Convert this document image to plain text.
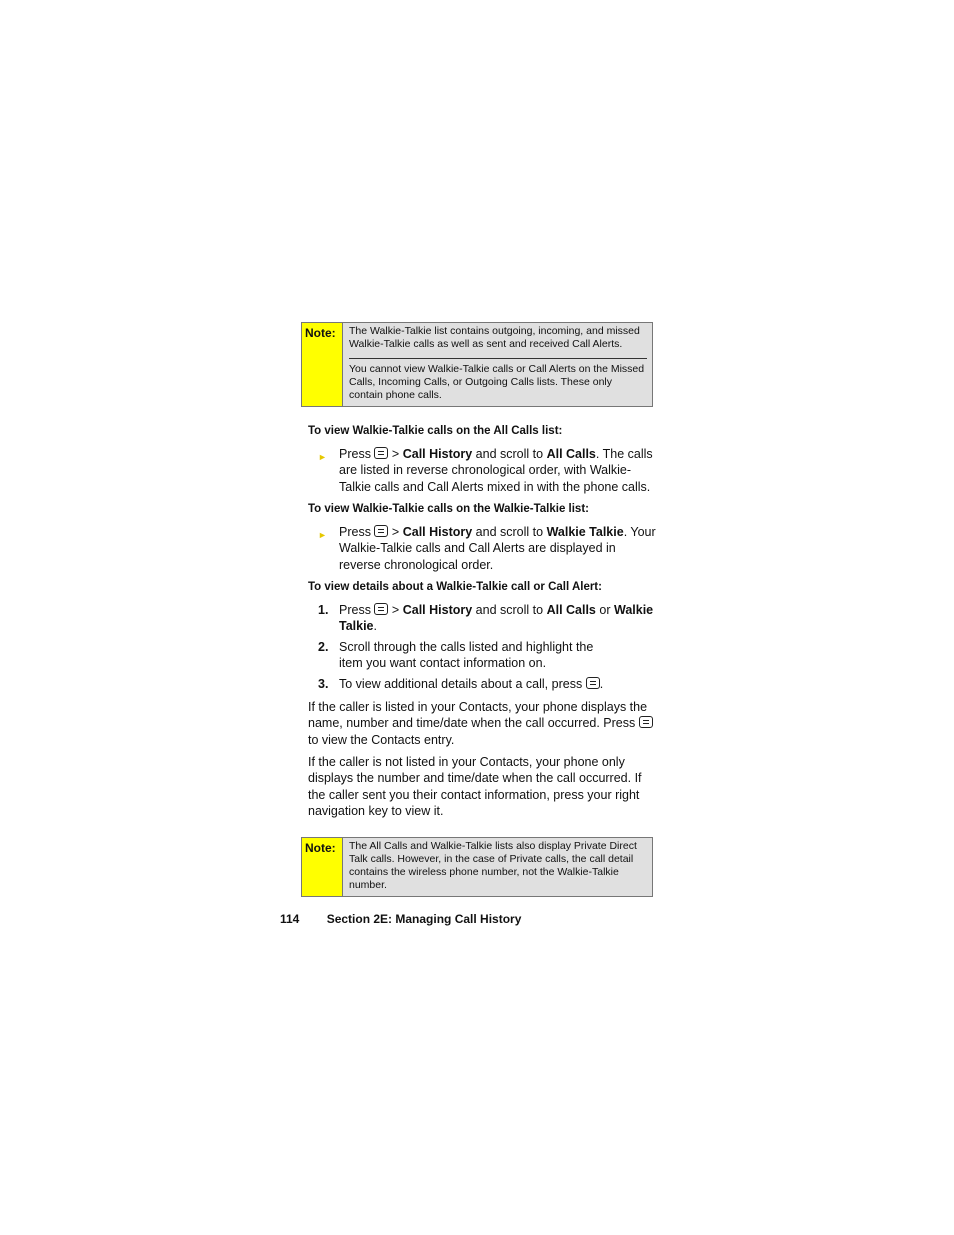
Note:	The Walkie-Talkie list contains outgoing, incoming, and missed Walkie-Talkie calls as well as sent and received Call Alerts.

You cannot view Walkie-Talkie calls or Call Alerts on the Missed Calls, Incoming Calls, or Outgoing Calls lists. These only contain phone calls.

To view Walkie-Talkie calls on the All Calls list:
► Press > Call History and scroll to All Calls. The calls are listed in reverse chronological order, with Walkie-Talkie calls and Call Alerts mixed in with the phone calls.
To view Walkie-Talkie calls on the Walkie-Talkie list:
► Press > Call History and scroll to Walkie Talkie. Your Walkie-Talkie calls and Call Alerts are displayed in reverse chronological order.
To view details about a Walkie-Talkie call or Call Alert:
1. Press > Call History and scroll to All Calls or Walkie Talkie.
2. Scroll through the calls listed and highlight the item you want contact information on.
3. To view additional details about a call, press .
If the caller is listed in your Contacts, your phone displays the name, number and time/date when the call occurred. Press  to view the Contacts entry.
If the caller is not listed in your Contacts, your phone only displays the number and time/date when the call occurred. If the caller sent you their contact information, press your right navigation key to view it.
Note:	The All Calls and Walkie-Talkie lists also display Private Direct Talk calls. However, in the case of Private calls, the call detail contains the wireless phone number, not the Walkie-Talkie number.

114 Section 2E: Managing Call History
